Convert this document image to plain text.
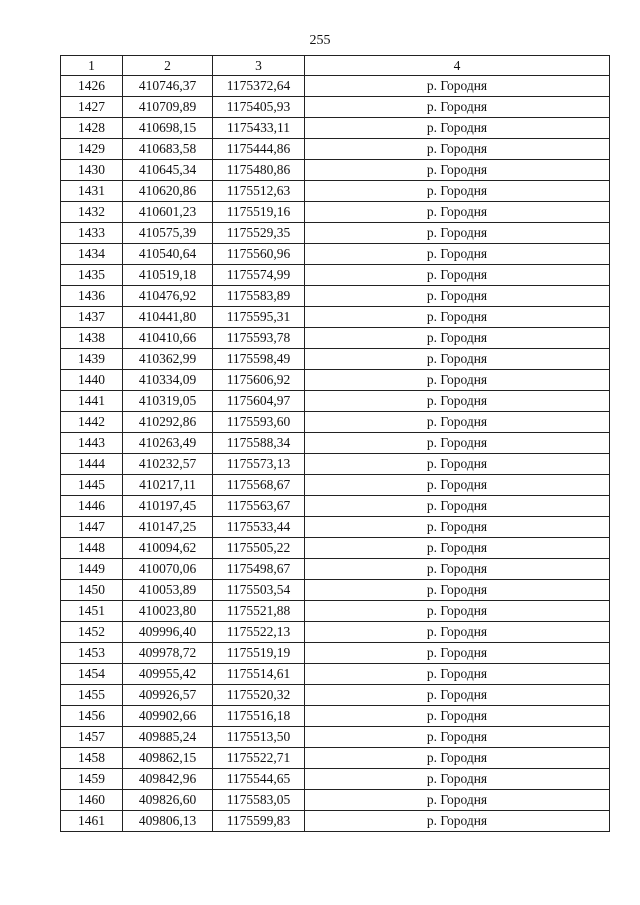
255
1	2	3	4
1426	410746,37	1175372,64	р. Городня
1427	410709,89	1175405,93	р. Городня
1428	410698,15	1175433,11	р. Городня
1429	410683,58	1175444,86	р. Городня
1430	410645,34	1175480,86	р. Городня
1431	410620,86	1175512,63	р. Городня
1432	410601,23	1175519,16	р. Городня
1433	410575,39	1175529,35	р. Городня
1434	410540,64	1175560,96	р. Городня
1435	410519,18	1175574,99	р. Городня
1436	410476,92	1175583,89	р. Городня
1437	410441,80	1175595,31	р. Городня
1438	410410,66	1175593,78	р. Городня
1439	410362,99	1175598,49	р. Городня
1440	410334,09	1175606,92	р. Городня
1441	410319,05	1175604,97	р. Городня
1442	410292,86	1175593,60	р. Городня
1443	410263,49	1175588,34	р. Городня
1444	410232,57	1175573,13	р. Городня
1445	410217,11	1175568,67	р. Городня
1446	410197,45	1175563,67	р. Городня
1447	410147,25	1175533,44	р. Городня
1448	410094,62	1175505,22	р. Городня
1449	410070,06	1175498,67	р. Городня
1450	410053,89	1175503,54	р. Городня
1451	410023,80	1175521,88	р. Городня
1452	409996,40	1175522,13	р. Городня
1453	409978,72	1175519,19	р. Городня
1454	409955,42	1175514,61	р. Городня
1455	409926,57	1175520,32	р. Городня
1456	409902,66	1175516,18	р. Городня
1457	409885,24	1175513,50	р. Городня
1458	409862,15	1175522,71	р. Городня
1459	409842,96	1175544,65	р. Городня
1460	409826,60	1175583,05	р. Городня
1461	409806,13	1175599,83	р. Городня
